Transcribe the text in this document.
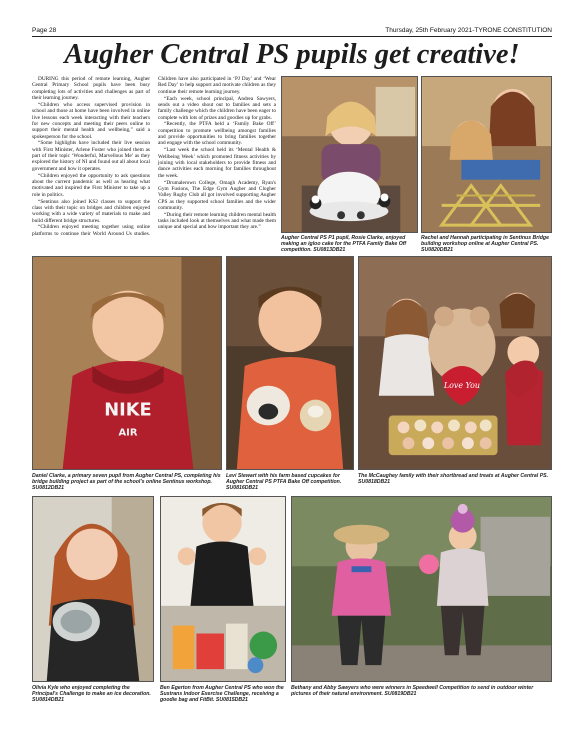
Page 28	Thursday, 25th February 2021-TYRONE CONSTITUTION
Augher Central PS pupils get creative!

DURING this period of remote learning, Augher Central Primary School pupils have been busy completing lots of activities and challenges as part of their learning journey.

“Children who access supervised provision in school and those at home have been involved in online live lessons each week interacting with their teachers for new concepts and meeting their peers online to support their mental health and wellbeing,” said a spokesperson for the school.

“Some highlights have included their live session with First Minister, Arlene Foster who joined them as part of their topic ‘Wonderful, Marvellous Me’ as they explored the history of NI and found out all about local government and how it operates.

“Children enjoyed the opportunity to ask questions about the current pandemic as well as hearing what motivated and inspired the First Minister to take up a role in politics.

“Sentinus also joined KS2 classes to support the class with their topic on bridges and children enjoyed working with a wide variety of materials to make and build different bridge structures.

“Children enjoyed meeting together using online platforms to continue their World Around Us studies. Children have also participated in ‘PJ Day’ and ‘Wear Red Day’ to help support and motivate children as they continue their remote learning journey.

“Each week, school principal, Andrea Sawyers, sends out a video shout out to families and sets a family challenge which the children have been eager to complete with lots of prizes and goodies up for grabs.

“Recently, the PTFA held a ‘Family Bake Off’ competition to promote wellbeing amongst families and provide opportunities to bring families together and engage with the school community.

“Last week the school held its ‘Mental Health & Wellbeing Week’ which promoted fitness activities by joining with local stakeholders to provide fitness and dance activities each morning for families throughout the week.

“Drumalerown College, Omagh Academy, Ryan's Gym Fusions, The Edge Gym Augher and Clogher Valley Rugby Club all got involved supporting Augher CPS as they supported school families and the wider community.

“During their remote learning children mental health tasks included look at themselves and what made them unique and special and how important they are.”

Augher Central PS P1 pupil, Rosie Clarke, enjoyed making an igloo cake for the PTFA Family Bake Off competition. SU0813DB21
Rachel and Hannah participating in Sentinus Bridge building workshop online at Augher Central PS. SU0820DB21
NIKE
AIR
Daniel Clarke, a primary seven pupil from Augher Central PS, completing his bridge building project as part of the school's online Sentinus workshop. SU0812DB21
Levi Stewart with his farm based cupcakes for Augher Central PS PTFA Bake Off competition. SU0816DB21
Love You
The McCaughey family with their shortbread and treats at Augher Central PS. SU0818DB21
Olivia Kyle who enjoyed completing the Principal's Challenge to make an ice decoration. SU0814DB21
Ben Egerton from Augher Central PS who won the Sustrans Indoor Exercise Challenge, receiving a goodie bag and FitBit. SU0815DB21
Bethany and Abby Sawyers who were winners in Speedwell Competition to send in outdoor winter pictures of their natural environment. SU0819DB21
